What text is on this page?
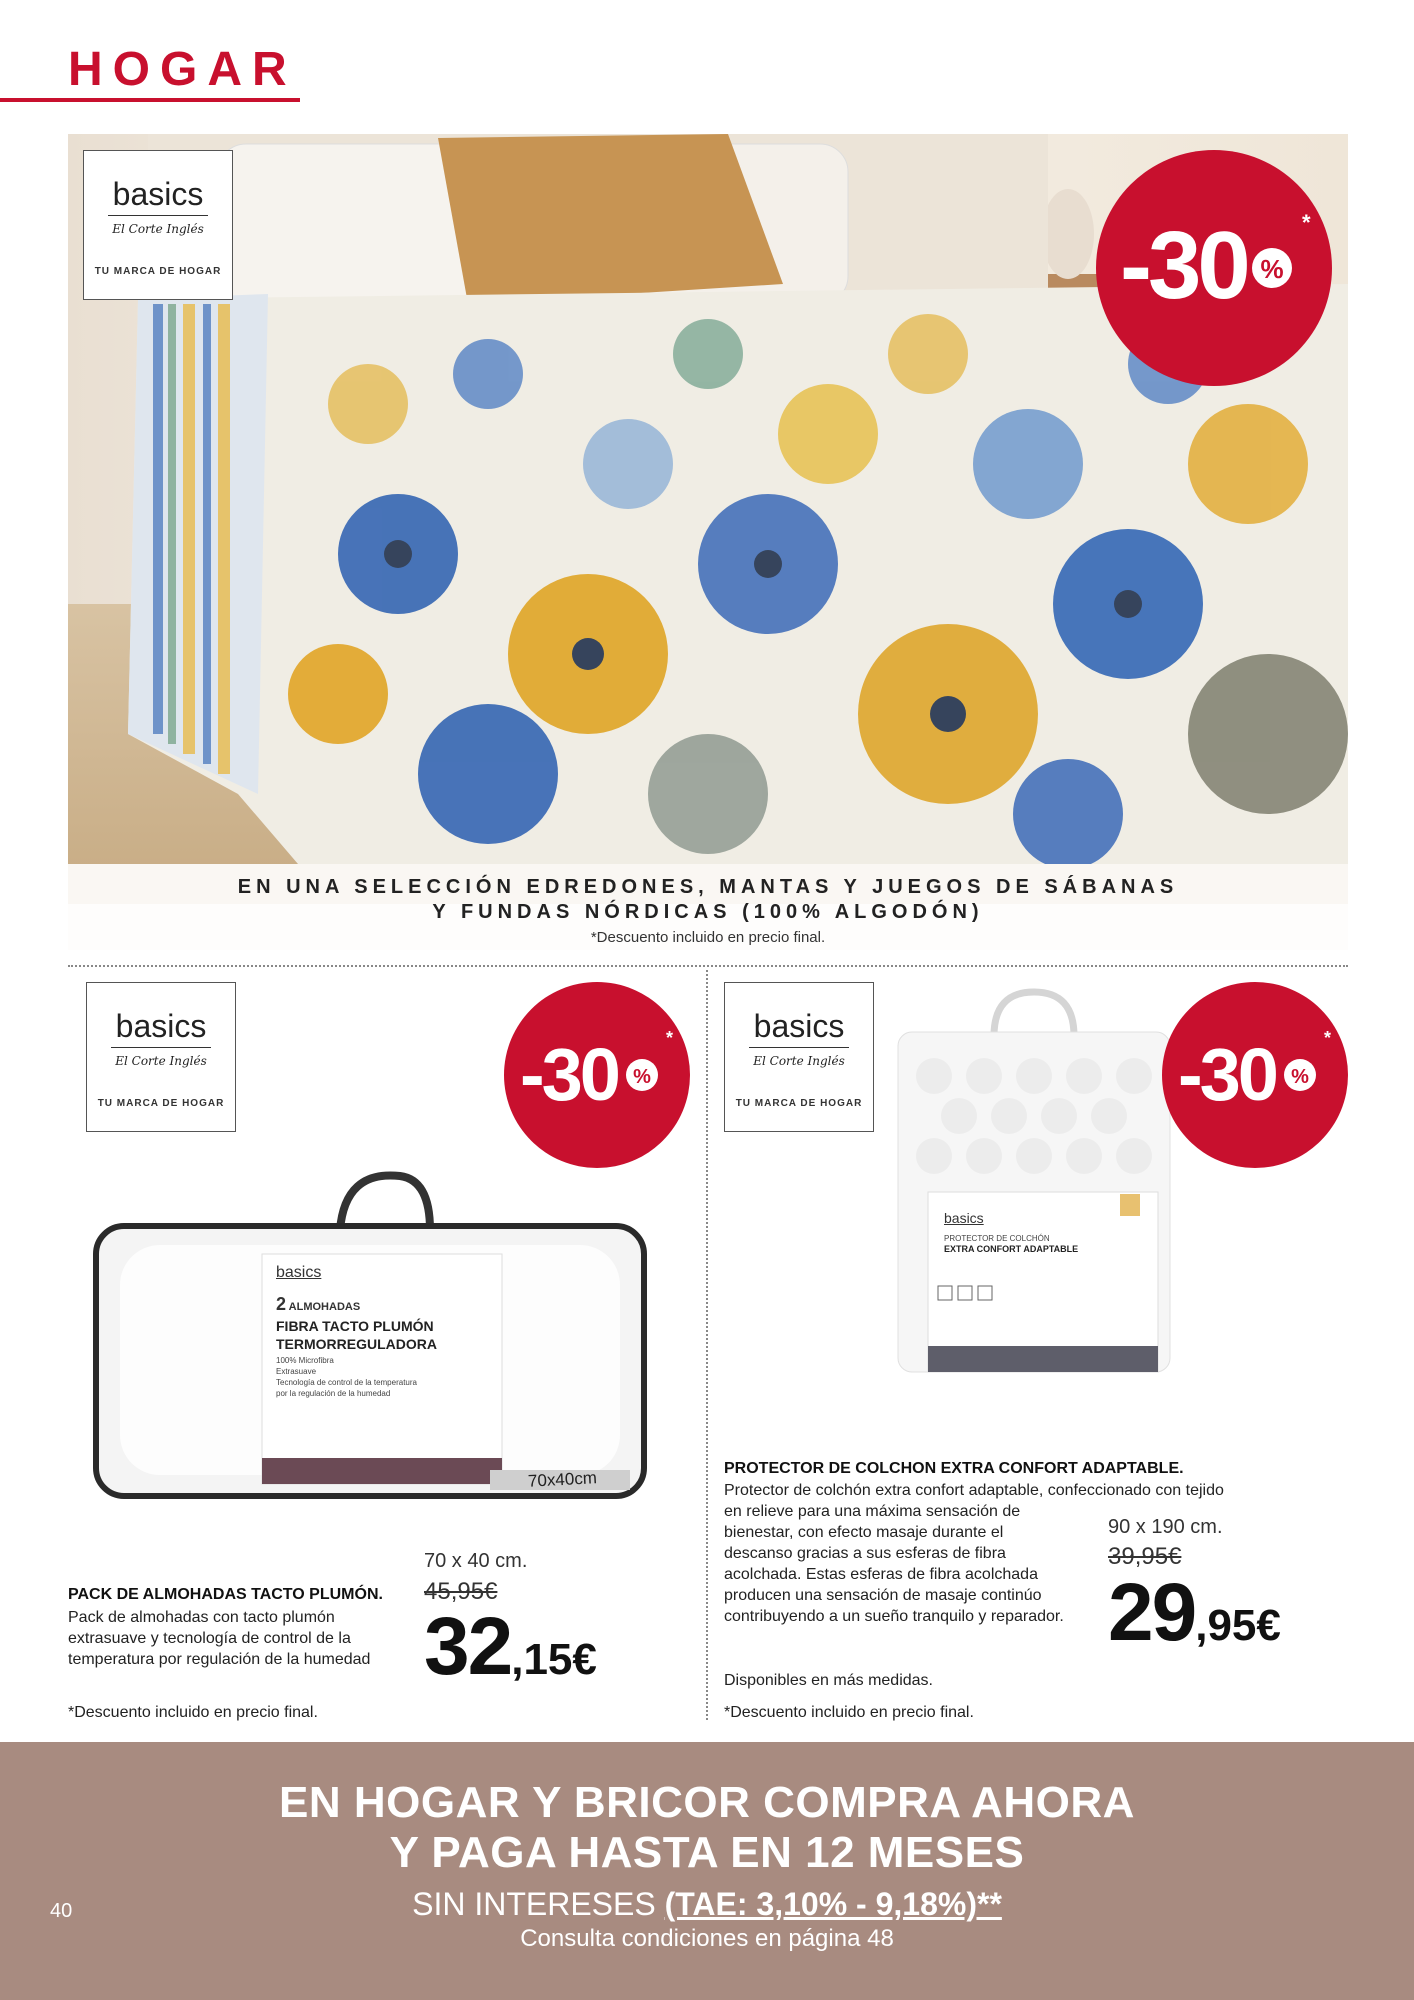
HOGAR
basics
El Corte Inglés
TU MARCA DE HOGAR	-30 %
*
EN UNA SELECCIÓN EDREDONES, MANTAS Y JUEGOS DE SÁBANAS
Y FUNDAS NÓRDICAS (100% ALGODÓN)
*Descuento incluido en precio final.
basics
El Corte Inglés
TU MARCA DE HOGAR	-30 %
*
basics
2 ALMOHADAS
FIBRA TACTO PLUMÓN
TERMORREGULADORA
100% Microfibra
Extrasuave
Tecnología de control de la temperatura
por la regulación de la humedad
70x40cm
70 x 40 cm.
45,95€
32,15€
PACK DE ALMOHADAS TACTO PLUMÓN.
Pack de almohadas con tacto plumón extrasuave y tecnología de control de la temperatura por regulación de la humedad
*Descuento incluido en precio final.
basics
El Corte Inglés
TU MARCA DE HOGAR
basics
PROTECTOR DE COLCHÓN
EXTRA CONFORT ADAPTABLE
-30 %
*
PROTECTOR DE COLCHON EXTRA CONFORT ADAPTABLE.
Protector de colchón extra confort adaptable, confeccionado con tejido
en relieve para una máxima sensación de bienestar, con efecto masaje durante el descanso gracias a sus esferas de fibra acolchada. Estas esferas de fibra acolchada producen una sensación de masaje continúo contribuyendo a un sueño tranquilo y reparador.
Disponibles en más medidas.
*Descuento incluido en precio final.
90 x 190 cm.
39,95€
29,95€
EN HOGAR Y BRICOR COMPRA AHORA
Y PAGA HASTA EN 12 MESES
SIN INTERESES (TAE: 3,10% - 9,18%)**
Consulta condiciones en página 48
40
